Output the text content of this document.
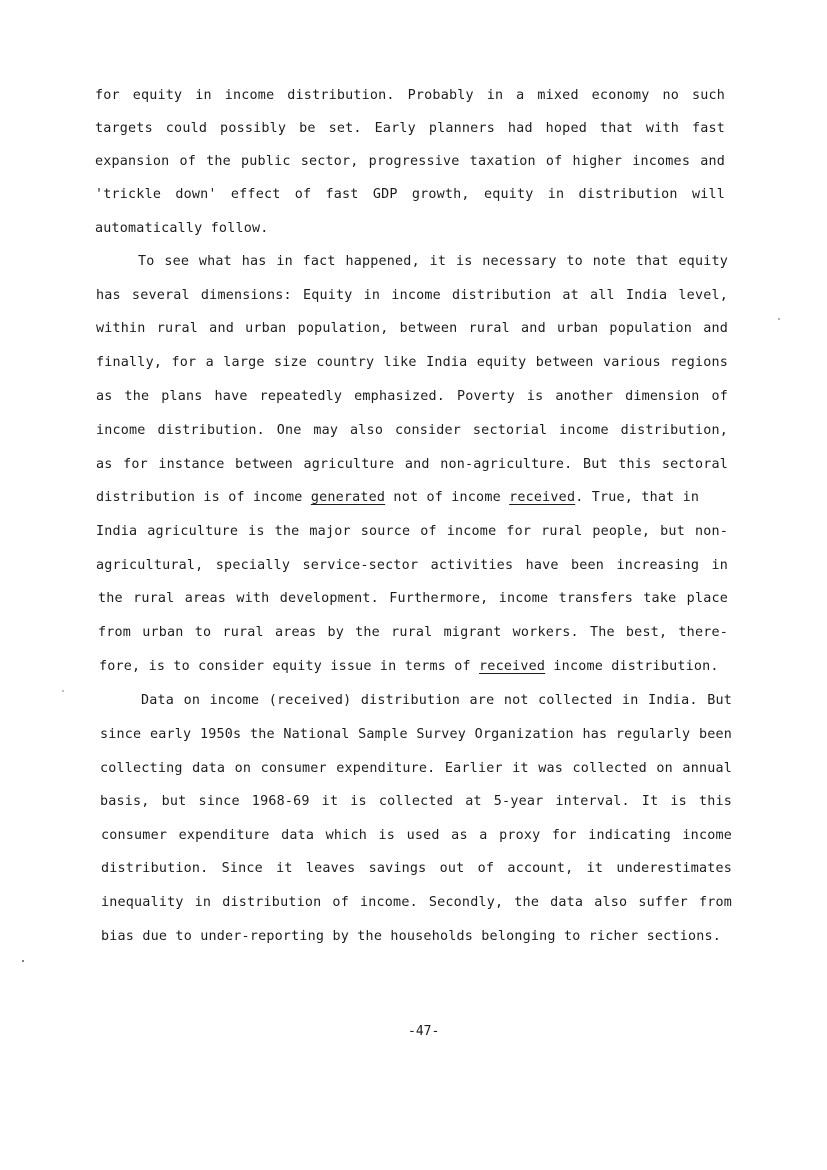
for equity in income distribution. Probably in a mixed economy no such
targets could possibly be set. Early planners had hoped that with fast
expansion of the public sector, progressive taxation of higher incomes and
'trickle down' effect of fast GDP growth, equity in distribution will
automatically follow.
To see what has in fact happened, it is necessary to note that equity
has several dimensions: Equity in income distribution at all India level,
within rural and urban population, between rural and urban population and
finally, for a large size country like India equity between various regions
as the plans have repeatedly emphasized. Poverty is another dimension of
income distribution. One may also consider sectorial income distribution,
as for instance between agriculture and non-agriculture. But this sectoral
distribution is of income generated not of income received. True, that in
India agriculture is the major source of income for rural people, but non-
agricultural, specially service-sector activities have been increasing in
the rural areas with development. Furthermore, income transfers take place
from urban to rural areas by the rural migrant workers. The best, there-
fore, is to consider equity issue in terms of received income distribution.
Data on income (received) distribution are not collected in India. But
since early 1950s the National Sample Survey Organization has regularly been
collecting data on consumer expenditure. Earlier it was collected on annual
basis, but since 1968-69 it is collected at 5-year interval. It is this
consumer expenditure data which is used as a proxy for indicating income
distribution. Since it leaves savings out of account, it underestimates
inequality in distribution of income. Secondly, the data also suffer from
bias due to under-reporting by the households belonging to richer sections.
-47-
